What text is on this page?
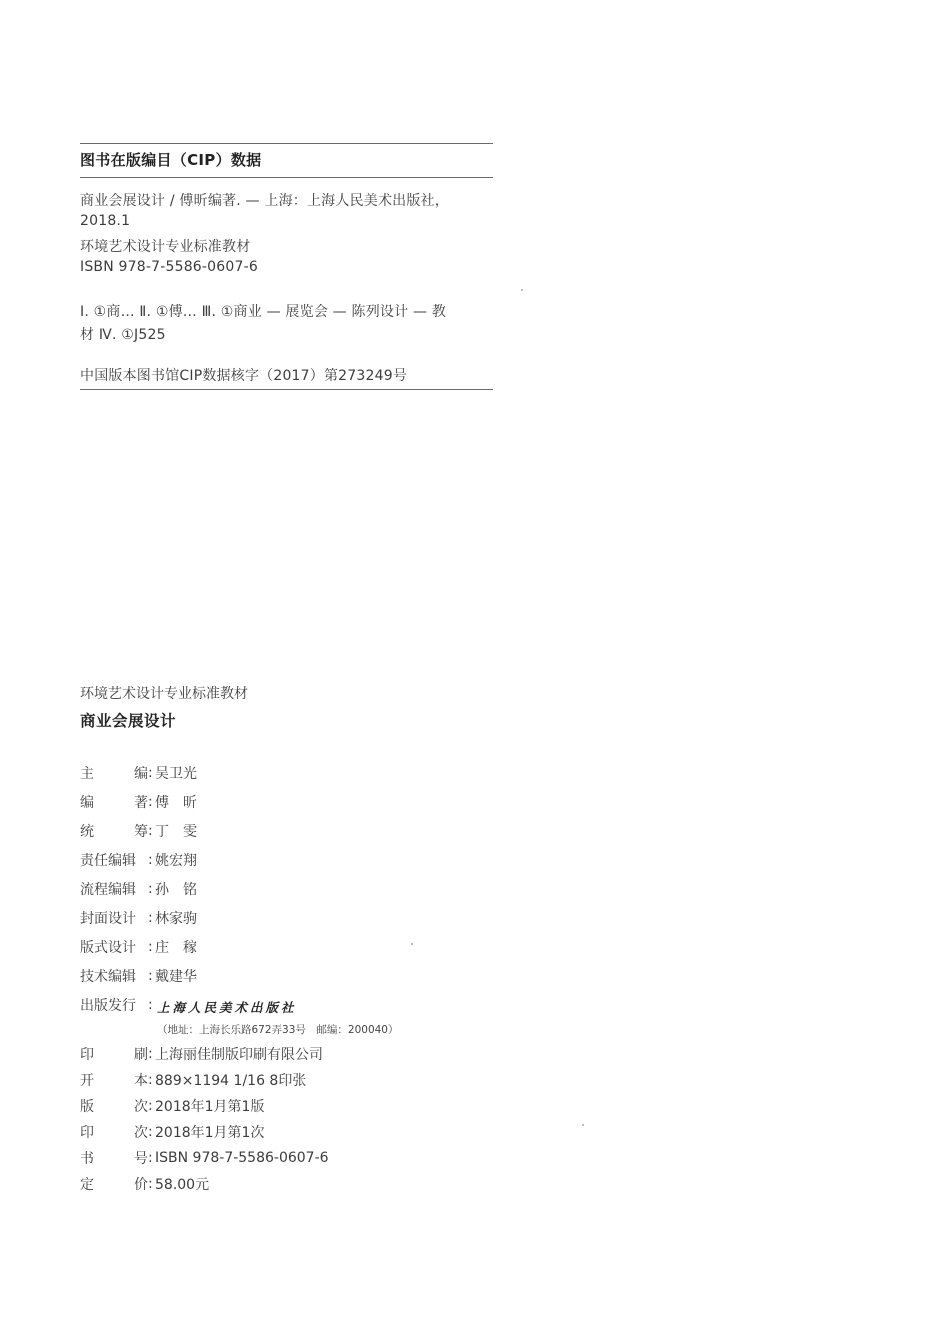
图书在版编目（CIP）数据
商业会展设计 / 傅昕编著. — 上海：上海人民美术出版社，
2018.1
环境艺术设计专业标准教材
ISBN 978-7-5586-0607-6
Ⅰ. ①商… Ⅱ. ①傅… Ⅲ. ①商业 — 展览会 — 陈列设计 — 教
材 Ⅳ. ①J525
中国版本图书馆CIP数据核字（2017）第273249号
环境艺术设计专业标准教材
商业会展设计
主	编 : 吴卫光
编	著 : 傅　昕
统	筹 : 丁　雯
责任编辑 : 姚宏翔
流程编辑 : 孙　铭
封面设计 : 林家驹
版式设计 : 庄　稼
技术编辑 : 戴建华
出版发行 : 上海人民美术出版社
（地址：上海长乐路672弄33号　邮编：200040）
印	刷 : 上海丽佳制版印刷有限公司
开	本 : 889×1194 1/16 8印张
版	次 : 2018年1月第1版
印	次 : 2018年1月第1次
书	号 : ISBN 978-7-5586-0607-6
定	价 : 58.00元
